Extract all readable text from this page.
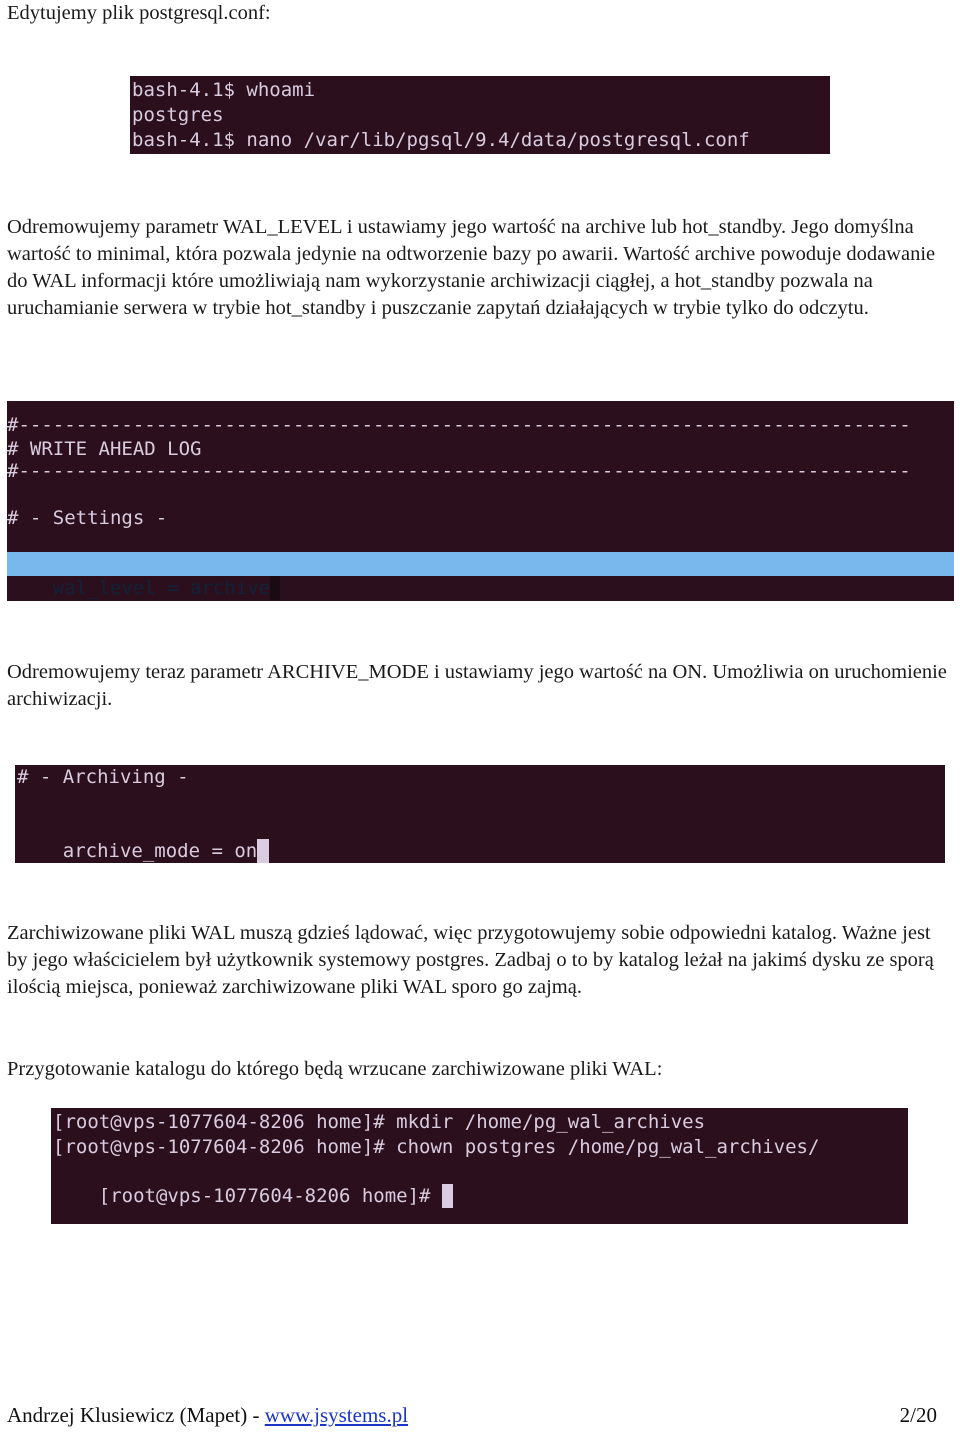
Edytujemy plik postgresql.conf:

bash-4.1$ whoami

postgres

bash-4.1$ nano /var/lib/pgsql/9.4/data/postgresql.conf

Odremowujemy parametr WAL_LEVEL i ustawiamy jego wartość na archive lub hot_standby. Jego domyślna wartość to minimal, która pozwala jedynie na odtworzenie bazy po awarii. Wartość archive powoduje dodawanie do WAL informacji które umożliwiają nam wykorzystanie archiwizacji ciągłej, a hot_standby pozwala na uruchamianie serwera w trybie hot_standby i puszczanie zapytań działających w trybie tylko do odczytu.

#------------------------------------------------------------------------------

# WRITE AHEAD LOG

#------------------------------------------------------------------------------

# - Settings -

wal_level = archive

Odremowujemy teraz parametr ARCHIVE_MODE i ustawiamy jego wartość na ON. Umożliwia on uruchomienie archiwizacji.

# - Archiving -

archive_mode = on

Zarchiwizowane pliki WAL muszą gdzieś lądować, więc przygotowujemy sobie odpowiedni katalog. Ważne jest by jego właścicielem był użytkownik systemowy postgres. Zadbaj o to by katalog leżał na jakimś dysku ze sporą ilością miejsca, ponieważ zarchiwizowane pliki WAL sporo go zajmą.
Przygotowanie katalogu do którego będą wrzucane zarchiwizowane pliki WAL:

[root@vps-1077604-8206 home]# mkdir /home/pg_wal_archives

[root@vps-1077604-8206 home]# chown postgres /home/pg_wal_archives/

[root@vps-1077604-8206 home]#

Andrzej Klusiewicz (Mapet) - www.jsystems.pl	2/20
